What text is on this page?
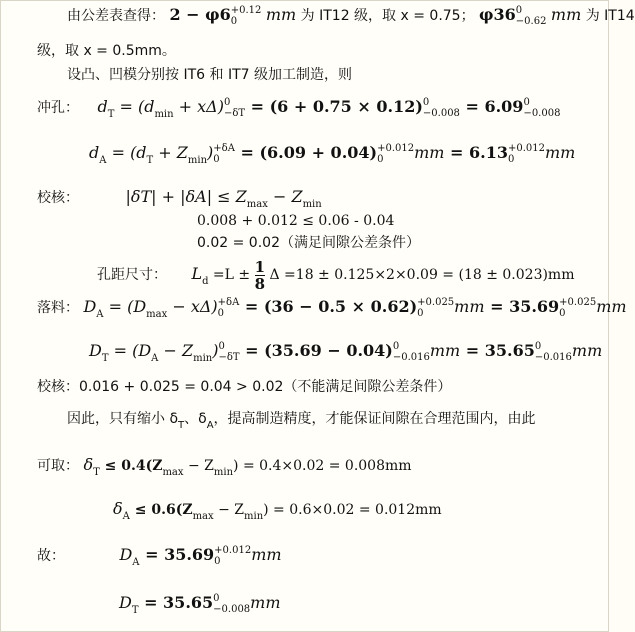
由公差表查得： 2 − φ6 +0.12
0	mm 为 IT12 级，取 x = 0.75； φ36 0
−0.62 mm 为 IT14
级，取 x = 0.5mm。
设凸、凹模分别按 IT6 和 IT7 级加工制造，则
冲孔： $d_T = (d_{min} + x\Delta)$ 0
−δT = (6 + 0.75 × 0.12) 0
−0.008 = 6.09 0
−0.008
$d_A = (d_T + Z_{min}) +\delta A$
0 = (6.09 + 0.04) +0.012
0	mm = 6.13 +0.012
0	mm
校核：	$|\delta T| + |\delta A| \le Z_{max} - Z_{min}$
0.008 + 0.012 ≤ 0.06 - 0.04
0.02 = 0.02（满足间隙公差条件）
孔距尺寸： $L_d =L \pm \frac{1}{8}$ Δ =18 ± 0.125×2×0.09 = (18 ± 0.023)mm
落料： $D_A = (D_{max} - x\Delta) +\delta A$
0 = (36 − 0.5 × 0.62) +0.025
0	mm = 35.69 +0.025
0	mm
$D_T = (D_A - Z_{min})$ 0
−δT = (35.69 − 0.04) 0
−0.016 mm = 35.65 0
−0.016 mm
校核：0.016 + 0.025 = 0.04 > 0.02（不能满足间隙公差条件）
因此，只有缩小 $\delta_T$、$\delta_A$，提高制造精度，才能保证间隙在合理范围内，由此
可取： $\delta_T \le 0.4(Z_{max} - Z_{min}) = 0.4\times 0.02 = 0.008mm$
$\delta_A \le 0.6(Z_{max} - Z_{min}) = 0.6\times 0.02 = 0.012mm$
故：	$D_A = 35.69 +0.012$
0	mm
$D_T = 35.65$ 0
−0.008 mm
